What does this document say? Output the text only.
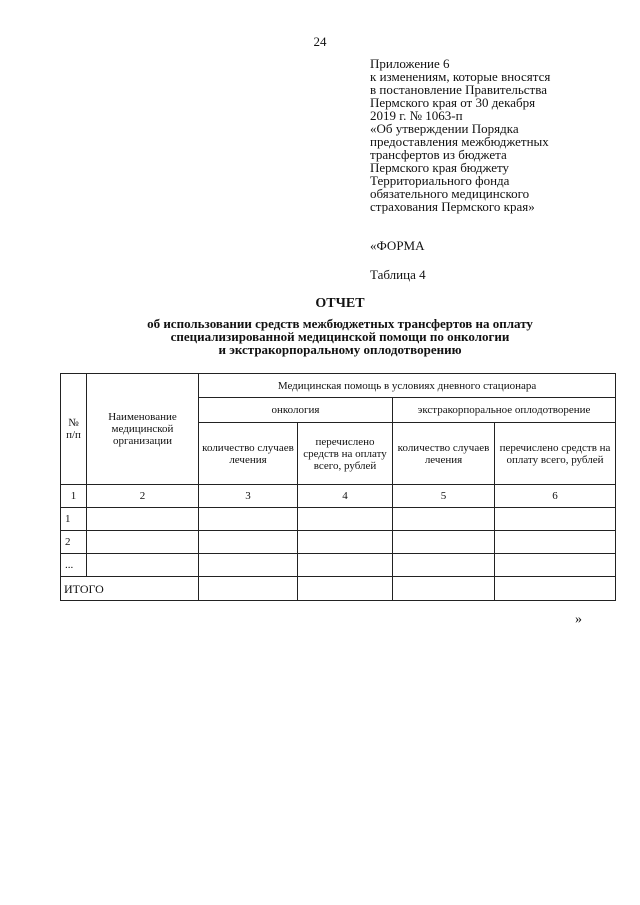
24
Приложение 6
к изменениям, которые вносятся
в постановление Правительства
Пермского края от 30 декабря
2019 г. № 1063-п
«Об утверждении Порядка
предоставления межбюджетных
трансфертов из бюджета
Пермского края бюджету
Территориального фонда
обязательного медицинского
страхования Пермского края»
«ФОРМА
Таблица 4
ОТЧЕТ
об использовании средств межбюджетных трансфертов на оплату
специализированной медицинской помощи по онкологии
и экстракорпоральному оплодотворению
№ п/п	Наименование медицинской организации	Медицинская помощь в условиях дневного стационара			
		онкология		экстракорпоральное оплодотворение	
		количество случаев лечения	перечислено средств на оплату всего, рублей	количество случаев лечения	перечислено средств на оплату всего, рублей
1	2	3	4	5	6
1					
2					
...					
ИТОГО					
»
